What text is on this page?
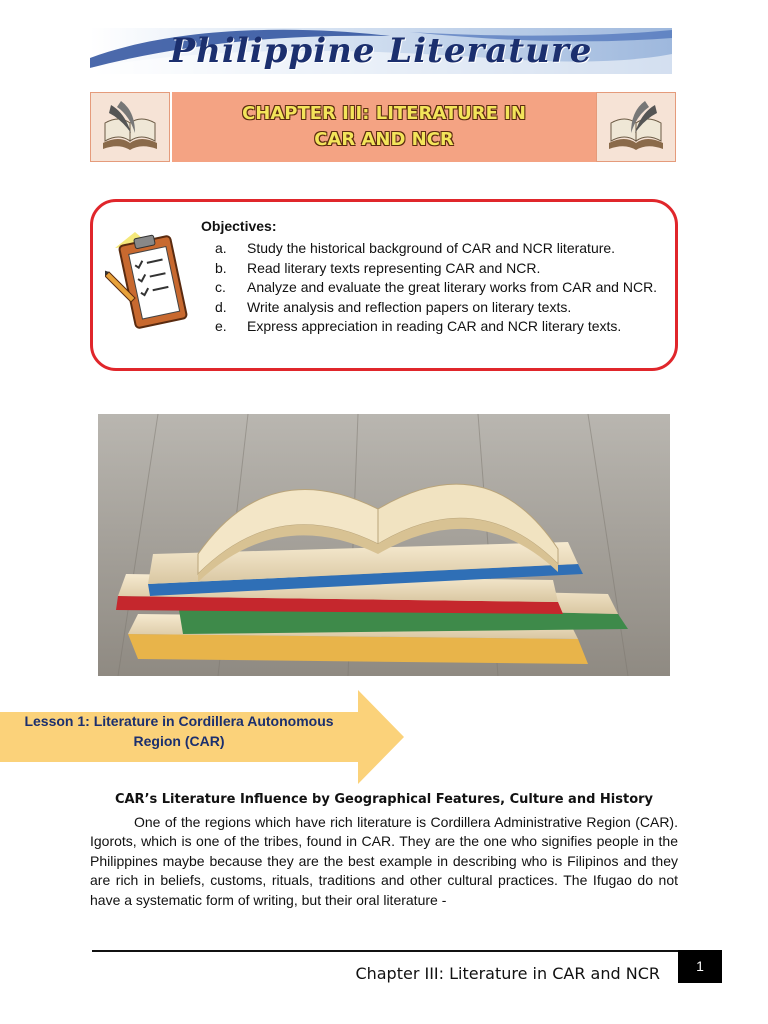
Philippine Literature
CHAPTER III: LITERATURE IN
CAR AND NCR
Objectives:
a. Study the historical background of CAR and NCR literature.
b. Read literary texts representing CAR and NCR.
c. Analyze and evaluate the great literary works from CAR and NCR.
d. Write analysis and reflection papers on literary texts.
e. Express appreciation in reading CAR and NCR literary texts.
Lesson 1: Literature in Cordillera Autonomous
Region (CAR)
CAR’s Literature Influence by Geographical Features, Culture and History

One of the regions which have rich literature is Cordillera Administrative Region (CAR). Igorots, which is one of the tribes, found in CAR. They are the one who signifies people in the Philippines maybe because they are the best example in describing who is Filipinos and they are rich in beliefs, customs, rituals, traditions and other cultural practices. The Ifugao do not have a systematic form of writing, but their oral literature -

Chapter III: Literature in CAR and NCR	1
